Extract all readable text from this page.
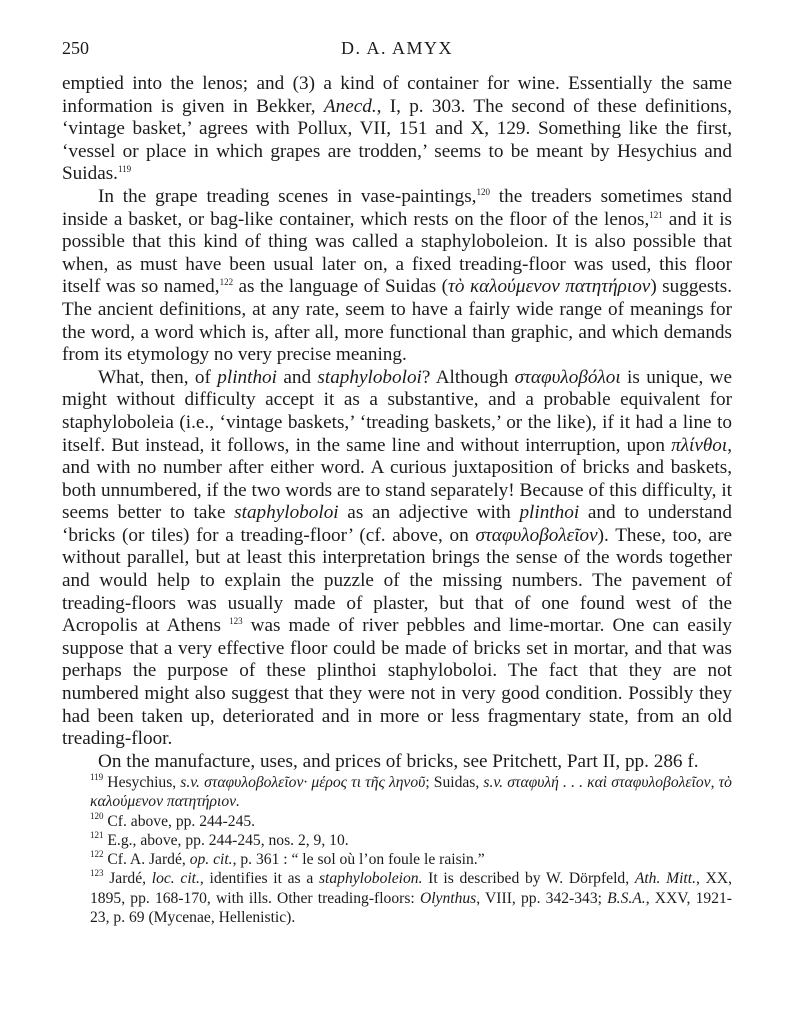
250	D. A. AMYX

emptied into the lenos; and (3) a kind of container for wine. Essentially the same information is given in Bekker, Anecd., I, p. 303. The second of these definitions, ‘vintage basket,’ agrees with Pollux, VII, 151 and X, 129. Something like the first, ‘vessel or place in which grapes are trodden,’ seems to be meant by Hesychius and Suidas.$^{119}$

In the grape treading scenes in vase-paintings,$^{120}$ the treaders sometimes stand inside a basket, or bag-like container, which rests on the floor of the lenos,$^{121}$ and it is possible that this kind of thing was called a staphyloboleion. It is also possible that when, as must have been usual later on, a fixed treading-floor was used, this floor itself was so named,$^{122}$ as the language of Suidas (τὸ καλούμενον πατητήριον) suggests. The ancient definitions, at any rate, seem to have a fairly wide range of meanings for the word, a word which is, after all, more functional than graphic, and which demands from its etymology no very precise meaning.

What, then, of plinthoi and staphyloboloi? Although σταφυλοβόλοι is unique, we might without difficulty accept it as a substantive, and a probable equivalent for staphyloboleia (i.e., ‘vintage baskets,’ ‘treading baskets,’ or the like), if it had a line to itself. But instead, it follows, in the same line and without interruption, upon πλίνθοι, and with no number after either word. A curious juxtaposition of bricks and baskets, both unnumbered, if the two words are to stand separately! Because of this difficulty, it seems better to take staphyloboloi as an adjective with plinthoi and to understand ‘bricks (or tiles) for a treading-floor’ (cf. above, on σταφυλοβολεῖον). These, too, are without parallel, but at least this interpretation brings the sense of the words together and would help to explain the puzzle of the missing numbers. The pavement of treading-floors was usually made of plaster, but that of one found west of the Acropolis at Athens $^{123}$ was made of river pebbles and lime-mortar. One can easily suppose that a very effective floor could be made of bricks set in mortar, and that was perhaps the purpose of these plinthoi staphyloboloi. The fact that they are not numbered might also suggest that they were not in very good condition. Possibly they had been taken up, deteriorated and in more or less fragmentary state, from an old treading-floor.

On the manufacture, uses, and prices of bricks, see Pritchett, Part II, pp. 286 f.

$^{119}$ Hesychius, s.v. σταφυλοβολεῖον· μέρος τι τῆς ληνοῦ; Suidas, s.v. σταφυλή . . . καὶ σταφυλοβολεῖον, τὸ καλούμενον πατητήριον.

$^{120}$ Cf. above, pp. 244-245.

$^{121}$ E.g., above, pp. 244-245, nos. 2, 9, 10.

$^{122}$ Cf. A. Jardé, op. cit., p. 361 : “ le sol où l’on foule le raisin.”

$^{123}$ Jardé, loc. cit., identifies it as a staphyloboleion. It is described by W. Dörpfeld, Ath. Mitt., XX, 1895, pp. 168-170, with ills. Other treading-floors: Olynthus, VIII, pp. 342-343; B.S.A., XXV, 1921-23, p. 69 (Mycenae, Hellenistic).
